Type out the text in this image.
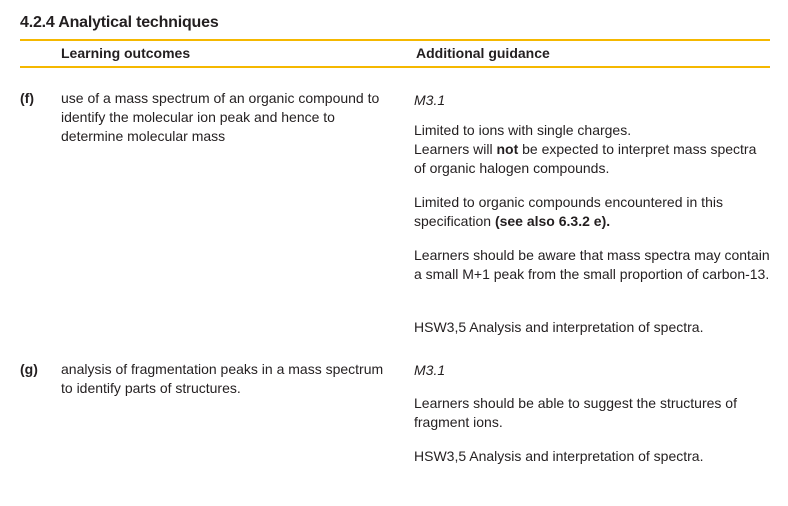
4.2.4 Analytical techniques
Learning outcomes	Additional guidance
(f) use of a mass spectrum of an organic compound to identify the molecular ion peak and hence to determine molecular mass
M3.1

Limited to ions with single charges.

Learners will not be expected to interpret mass spectra of organic halogen compounds.

Limited to organic compounds encountered in this specification (see also 6.3.2 e).

Learners should be aware that mass spectra may contain a small M+1 peak from the small proportion of carbon-13.
HSW3,5 Analysis and interpretation of spectra.
(g) analysis of fragmentation peaks in a mass spectrum to identify parts of structures.
M3.1
Learners should be able to suggest the structures of fragment ions.
HSW3,5 Analysis and interpretation of spectra.
